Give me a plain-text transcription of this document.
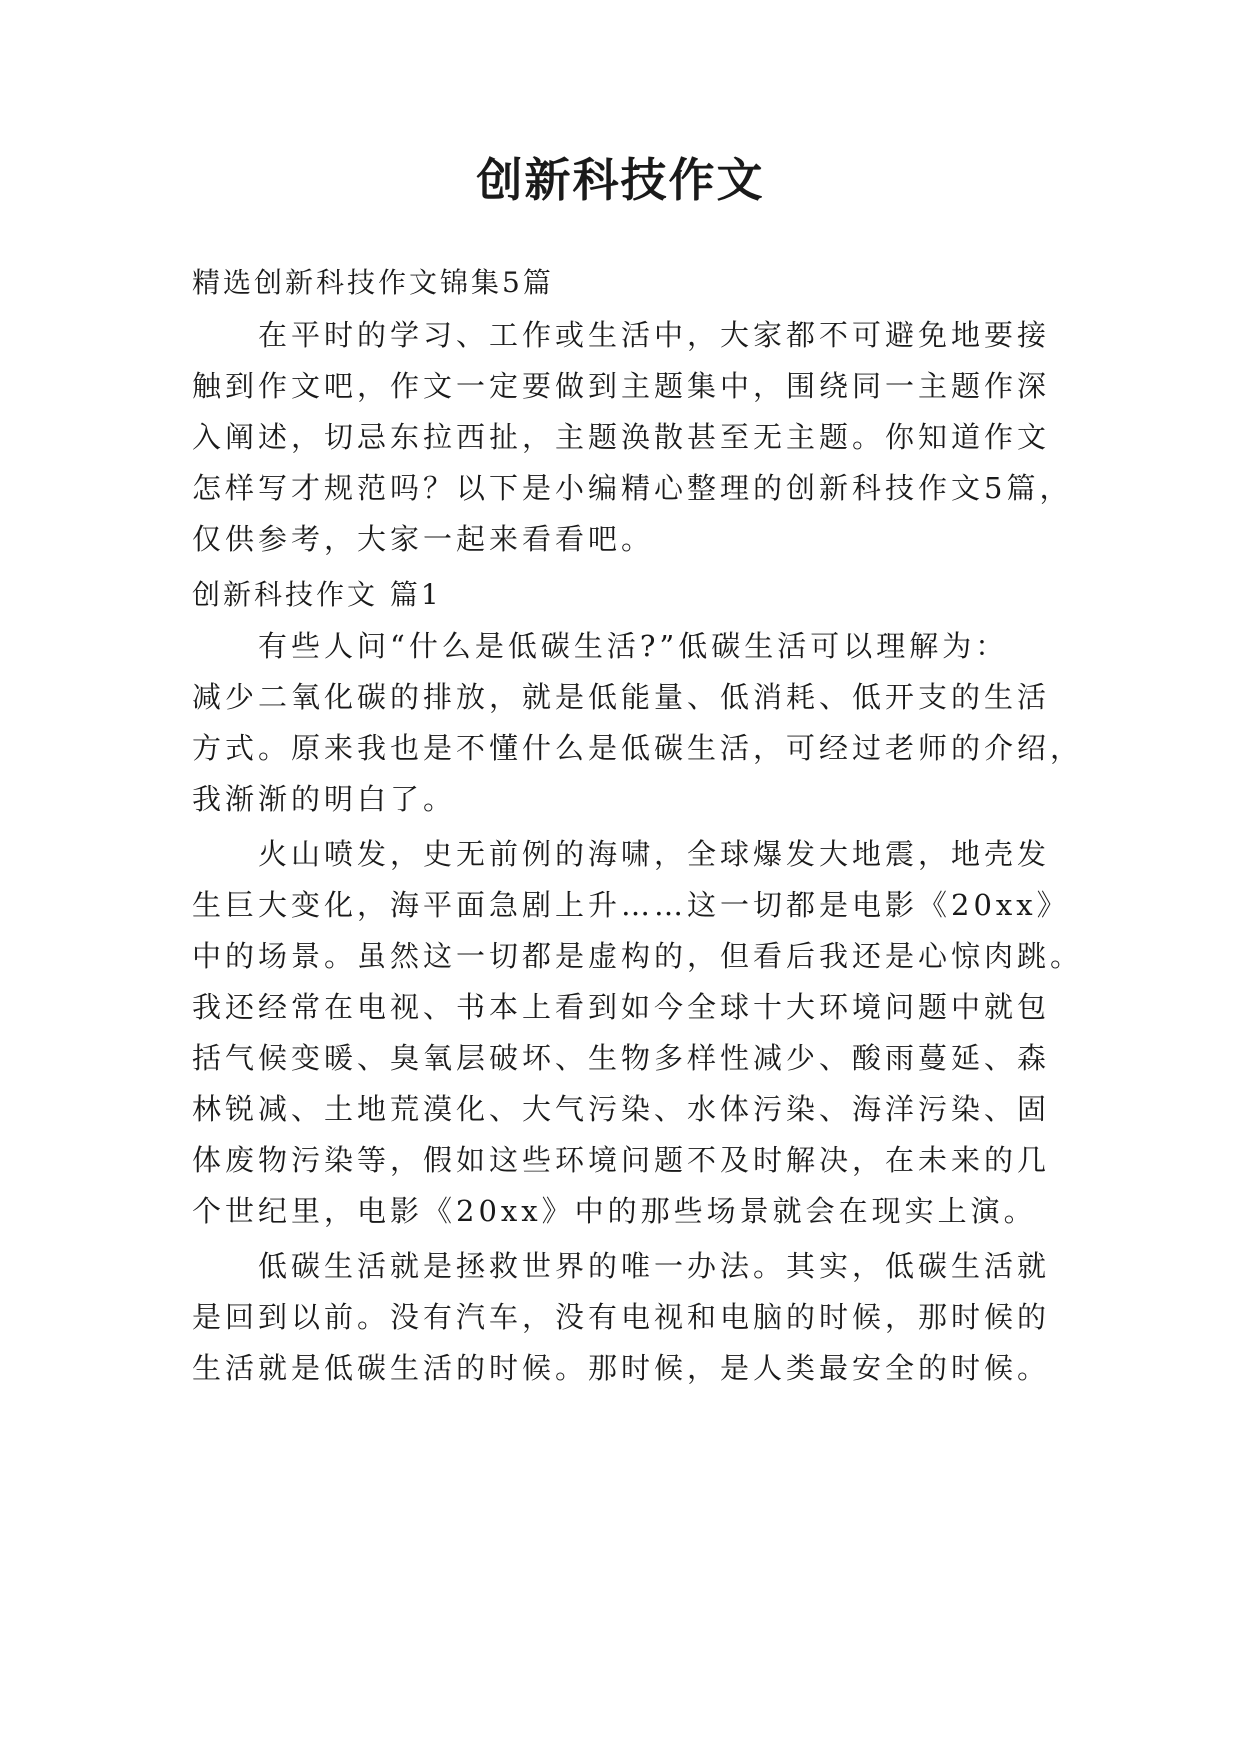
创新科技作文

精选创新科技作文锦集5篇

在平时的学习、工作或生活中，大家都不可避免地要接

触到作文吧，作文一定要做到主题集中，围绕同一主题作深

入阐述，切忌东拉西扯，主题涣散甚至无主题。你知道作文

怎样写才规范吗？以下是小编精心整理的创新科技作文5篇，

仅供参考，大家一起来看看吧。

创新科技作文 篇1

有些人问“什么是低碳生活?”低碳生活可以理解为：

减少二氧化碳的排放，就是低能量、低消耗、低开支的生活

方式。原来我也是不懂什么是低碳生活，可经过老师的介绍，

我渐渐的明白了。

火山喷发，史无前例的海啸，全球爆发大地震，地壳发

生巨大变化，海平面急剧上升……这一切都是电影《20xx》

中的场景。虽然这一切都是虚构的，但看后我还是心惊肉跳。

我还经常在电视、书本上看到如今全球十大环境问题中就包

括气候变暖、臭氧层破坏、生物多样性减少、酸雨蔓延、森

林锐减、土地荒漠化、大气污染、水体污染、海洋污染、固

体废物污染等，假如这些环境问题不及时解决，在未来的几

个世纪里，电影《20xx》中的那些场景就会在现实上演。

低碳生活就是拯救世界的唯一办法。其实，低碳生活就

是回到以前。没有汽车，没有电视和电脑的时候，那时候的

生活就是低碳生活的时候。那时候，是人类最安全的时候。
